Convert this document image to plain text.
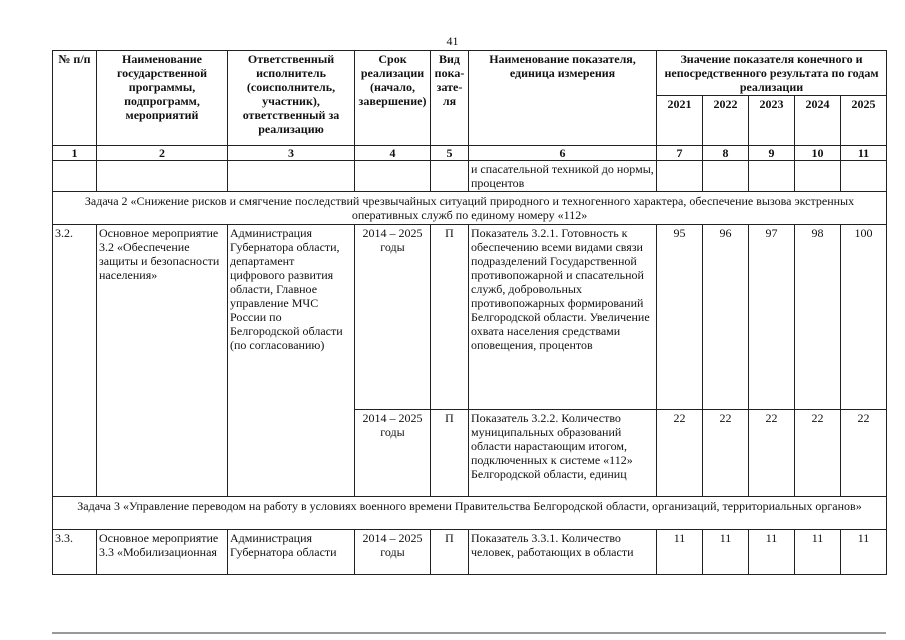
41
№ п/п	Наименование государственной программы, подпрограмм, мероприятий	Ответственный исполнитель (соисполнитель, участник), ответственный за реализацию	Срок реализации (начало, завершение)	Вид пока-зате-ля	Наименование показателя, единица измерения	Значение показателя конечного и непосредственного результата по годам реализации				
						2021	2022	2023	2024	2025
1	2	3	4	5	6	7	8	9	10	11
					и спасательной техникой до нормы, процентов					
Задача 2 «Снижение рисков и смягчение последствий чрезвычайных ситуаций природного и техногенного характера, обеспечение вызова экстренных оперативных служб по единому номеру «112»										
3.2.	Основное мероприятие 3.2 «Обеспечение защиты и безопасности населения»	Администрация Губернатора области, департамент цифрового развития области, Главное управление МЧС России по Белгородской области (по согласованию)	2014 – 2025 годы	П	Показатель 3.2.1. Готовность к обеспечению всеми видами связи подразделений Государственной противопожарной и спасательной служб, добровольных противопожарных формирований Белгородской области. Увеличение охвата населения средствами оповещения, процентов	95	96	97	98	100
			2014 – 2025 годы	П	Показатель 3.2.2. Количество муниципальных образований области нарастающим итогом, подключенных к системе «112» Белгородской области, единиц	22	22	22	22	22
Задача 3 «Управление переводом на работу в условиях военного времени Правительства Белгородской области, организаций, территориальных органов»										
3.3.	Основное мероприятие 3.3 «Мобилизационная	Администрация Губернатора области	2014 – 2025 годы	П	Показатель 3.3.1. Количество человек, работающих в области	11	11	11	11	11
